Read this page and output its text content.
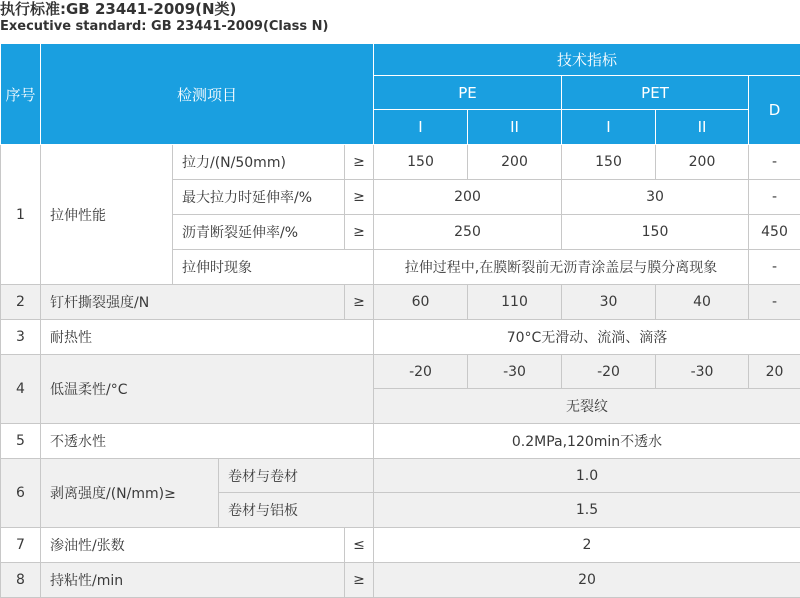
执行标准:GB 23441-2009(N类)
Executive standard: GB 23441-2009(Class N)
序号	检测项目				技术指标				
					PE		PET		D
					I	II	I	II	
1	拉伸性能	拉力/(N/50mm)		≥	150	200	150	200	-
		最大拉力时延伸率/%		≥	200		30		-
		沥青断裂延伸率/%		≥	250		150		450
		拉伸时现象			拉伸过程中,在膜断裂前无沥青涂盖层与膜分离现象				-
2	钉杆撕裂强度/N			≥	60	110	30	40	-
3	耐热性				70°C无滑动、流淌、滴落				
4	低温柔性/°C				-20	-30	-20	-30	20
					无裂纹				
5	不透水性				0.2MPa,120min不透水				
6	剥离强度/(N/mm)≥		卷材与卷材		1.0				
			卷材与铝板		1.5				
7	渗油性/张数			≤	2				
8	持粘性/min			≥	20				
